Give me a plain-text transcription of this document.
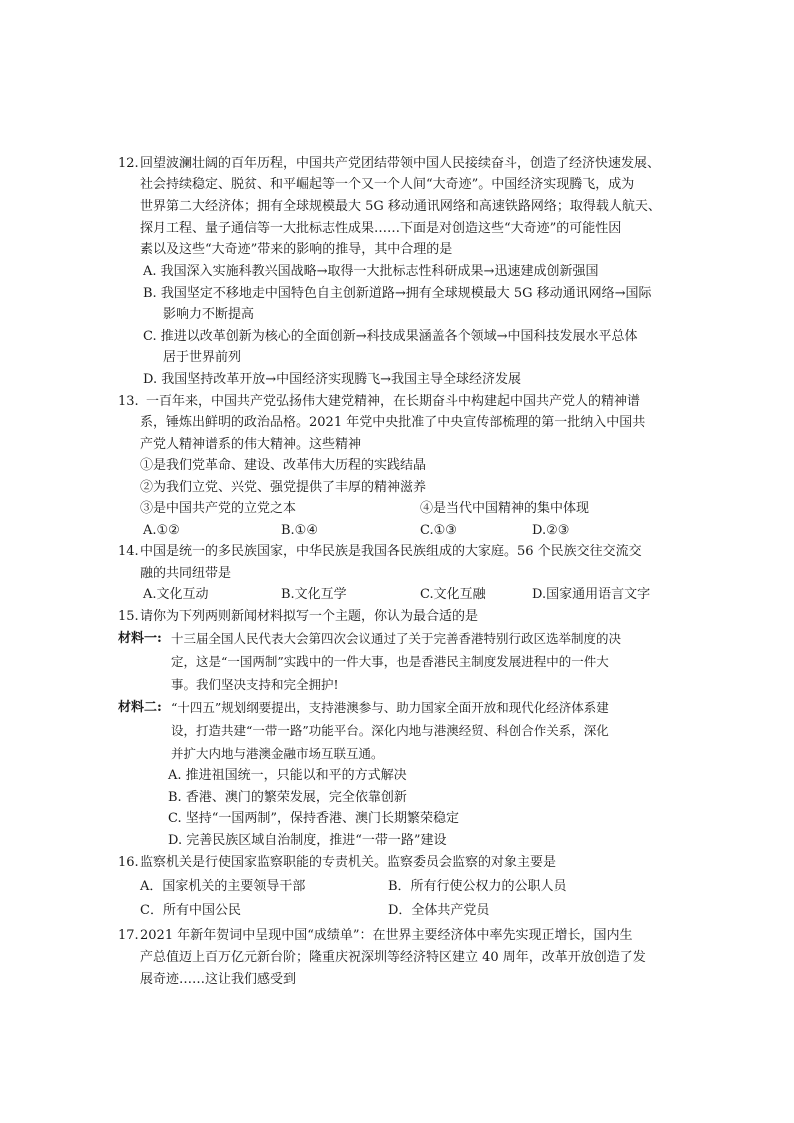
12. 回望波澜壮阔的百年历程，中国共产党团结带领中国人民接续奋斗，创造了经济快速发展、
社会持续稳定、脱贫、和平崛起等一个又一个人间“大奇迹”。中国经济实现腾飞，成为
世界第二大经济体；拥有全球规模最大 5G 移动通讯网络和高速铁路网络；取得载人航天、
探月工程、量子通信等一大批标志性成果……下面是对创造这些“大奇迹”的可能性因
素以及这些“大奇迹”带来的影响的推导，其中合理的是
A. 我国深入实施科教兴国战略→取得一大批标志性科研成果→迅速建成创新强国
B. 我国坚定不移地走中国特色自主创新道路→拥有全球规模最大 5G 移动通讯网络→国际
影响力不断提高
C. 推进以改革创新为核心的全面创新→科技成果涵盖各个领域→中国科技发展水平总体
居于世界前列
D. 我国坚持改革开放→中国经济实现腾飞→我国主导全球经济发展
13. 一百年来，中国共产党弘扬伟大建党精神，在长期奋斗中构建起中国共产党人的精神谱
系，锤炼出鲜明的政治品格。2021 年党中央批准了中央宣传部梳理的第一批纳入中国共
产党人精神谱系的伟大精神。这些精神
①是我们党革命、建设、改革伟大历程的实践结晶
②为我们立党、兴党、强党提供了丰厚的精神滋养
③是中国共产党的立党之本	④是当代中国精神的集中体现
A.①②	B.①④	C.①③	D.②③
14. 中国是统一的多民族国家，中华民族是我国各民族组成的大家庭。56 个民族交往交流交
融的共同纽带是
A.文化互动	B.文化互学	C.文化互融	D.国家通用语言文字
15. 请你为下列两则新闻材料拟写一个主题，你认为最合适的是
材料一: 十三届全国人民代表大会第四次会议通过了关于完善香港特别行政区选举制度的决
定，这是“一国两制”实践中的一件大事，也是香港民主制度发展进程中的一件大
事。我们坚决支持和完全拥护!
材料二: “十四五”规划纲要提出，支持港澳参与、助力国家全面开放和现代化经济体系建
设，打造共建“一带一路”功能平台。深化内地与港澳经贸、科创合作关系，深化
并扩大内地与港澳金融市场互联互通。
A. 推进祖国统一，只能以和平的方式解决
B. 香港、澳门的繁荣发展，完全依靠创新
C. 坚持“一国两制”，保持香港、澳门长期繁荣稳定
D. 完善民族区域自治制度，推进“一带一路”建设
16. 监察机关是行使国家监察职能的专责机关。监察委员会监察的对象主要是
A．国家机关的主要领导干部	B．所有行使公权力的公职人员
C．所有中国公民	D．全体共产党员
17. 2021 年新年贺词中呈现中国“成绩单”：在世界主要经济体中率先实现正增长，国内生
产总值迈上百万亿元新台阶；隆重庆祝深圳等经济特区建立 40 周年，改革开放创造了发
展奇迹……这让我们感受到
